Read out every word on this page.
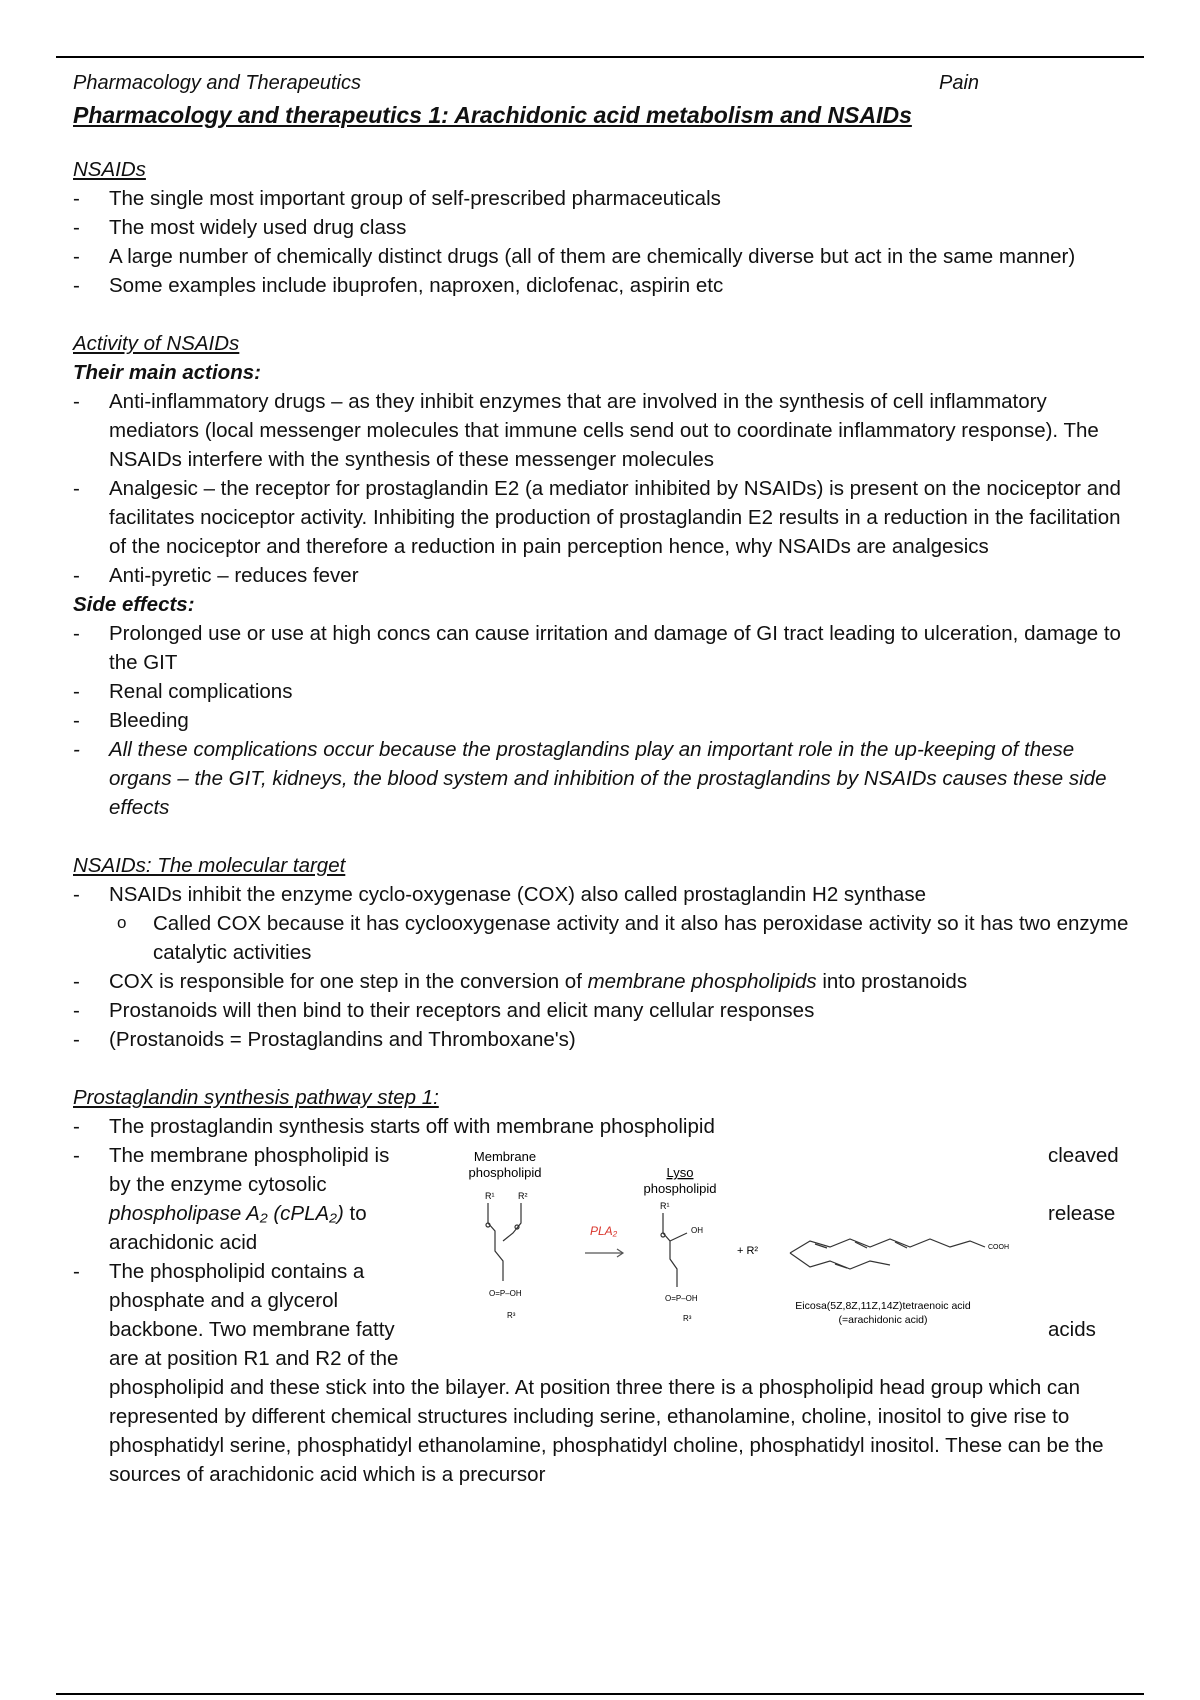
Pharmacology and Therapeutics	Pain

Pharmacology and therapeutics 1: Arachidonic acid metabolism and NSAIDs

NSAIDs

- The single most important group of self-prescribed pharmaceuticals
- The most widely used drug class
- A large number of chemically distinct drugs (all of them are chemically diverse but act in the same manner)
- Some examples include ibuprofen, naproxen, diclofenac, aspirin etc

Activity of NSAIDs

Their main actions:

- Anti-inflammatory drugs – as they inhibit enzymes that are involved in the synthesis of cell inflammatory mediators (local messenger molecules that immune cells send out to coordinate inflammatory response). The NSAIDs interfere with the synthesis of these messenger molecules
- Analgesic – the receptor for prostaglandin E2 (a mediator inhibited by NSAIDs) is present on the nociceptor and facilitates nociceptor activity. Inhibiting the production of prostaglandin E2 results in a reduction in the facilitation of the nociceptor and therefore a reduction in pain perception hence, why NSAIDs are analgesics
- Anti-pyretic – reduces fever

Side effects:

- Prolonged use or use at high concs can cause irritation and damage of GI tract leading to ulceration, damage to the GIT
- Renal complications
- Bleeding
- All these complications occur because the prostaglandins play an important role in the up-keeping of these organs – the GIT, kidneys, the blood system and inhibition of the prostaglandins by NSAIDs causes these side effects

NSAIDs: The molecular target

- NSAIDs inhibit the enzyme cyclo-oxygenase (COX) also called prostaglandin H2 synthase
o Called COX because it has cyclooxygenase activity and it also has peroxidase activity so it has two enzyme catalytic activities
- COX is responsible for one step in the conversion of membrane phospholipids into prostanoids
- Prostanoids will then bind to their receptors and elicit many cellular responses
- (Prostanoids = Prostaglandins and Thromboxane's)

Prostaglandin synthesis pathway step 1:

- The prostaglandin synthesis starts off with membrane phospholipid
- The membrane phospholipid is
by the enzyme cytosolic
phospholipase A₂ (cPLA₂) to
arachidonic acid
cleaved
release
- The phospholipid contains a
phosphate and a glycerol
backbone. Two membrane fatty
are at position R1 and R2 of the
acids
phospholipid and these stick into the bilayer. At position three there is a phospholipid head group which can represented by different chemical structures including serine, ethanolamine, choline, inositol to give rise to phosphatidyl serine, phosphatidyl ethanolamine, phosphatidyl choline, phosphatidyl inositol. These can be the sources of arachidonic acid which is a precursor
Membrane
phospholipid
R¹	R²
O=P–OH
R³
PLA₂
Lyso
phospholipid
R¹
OH
O=P–OH
R³
+ R²	COOH
Eicosa(5Z,8Z,11Z,14Z)tetraenoic acid
(=arachidonic acid)
